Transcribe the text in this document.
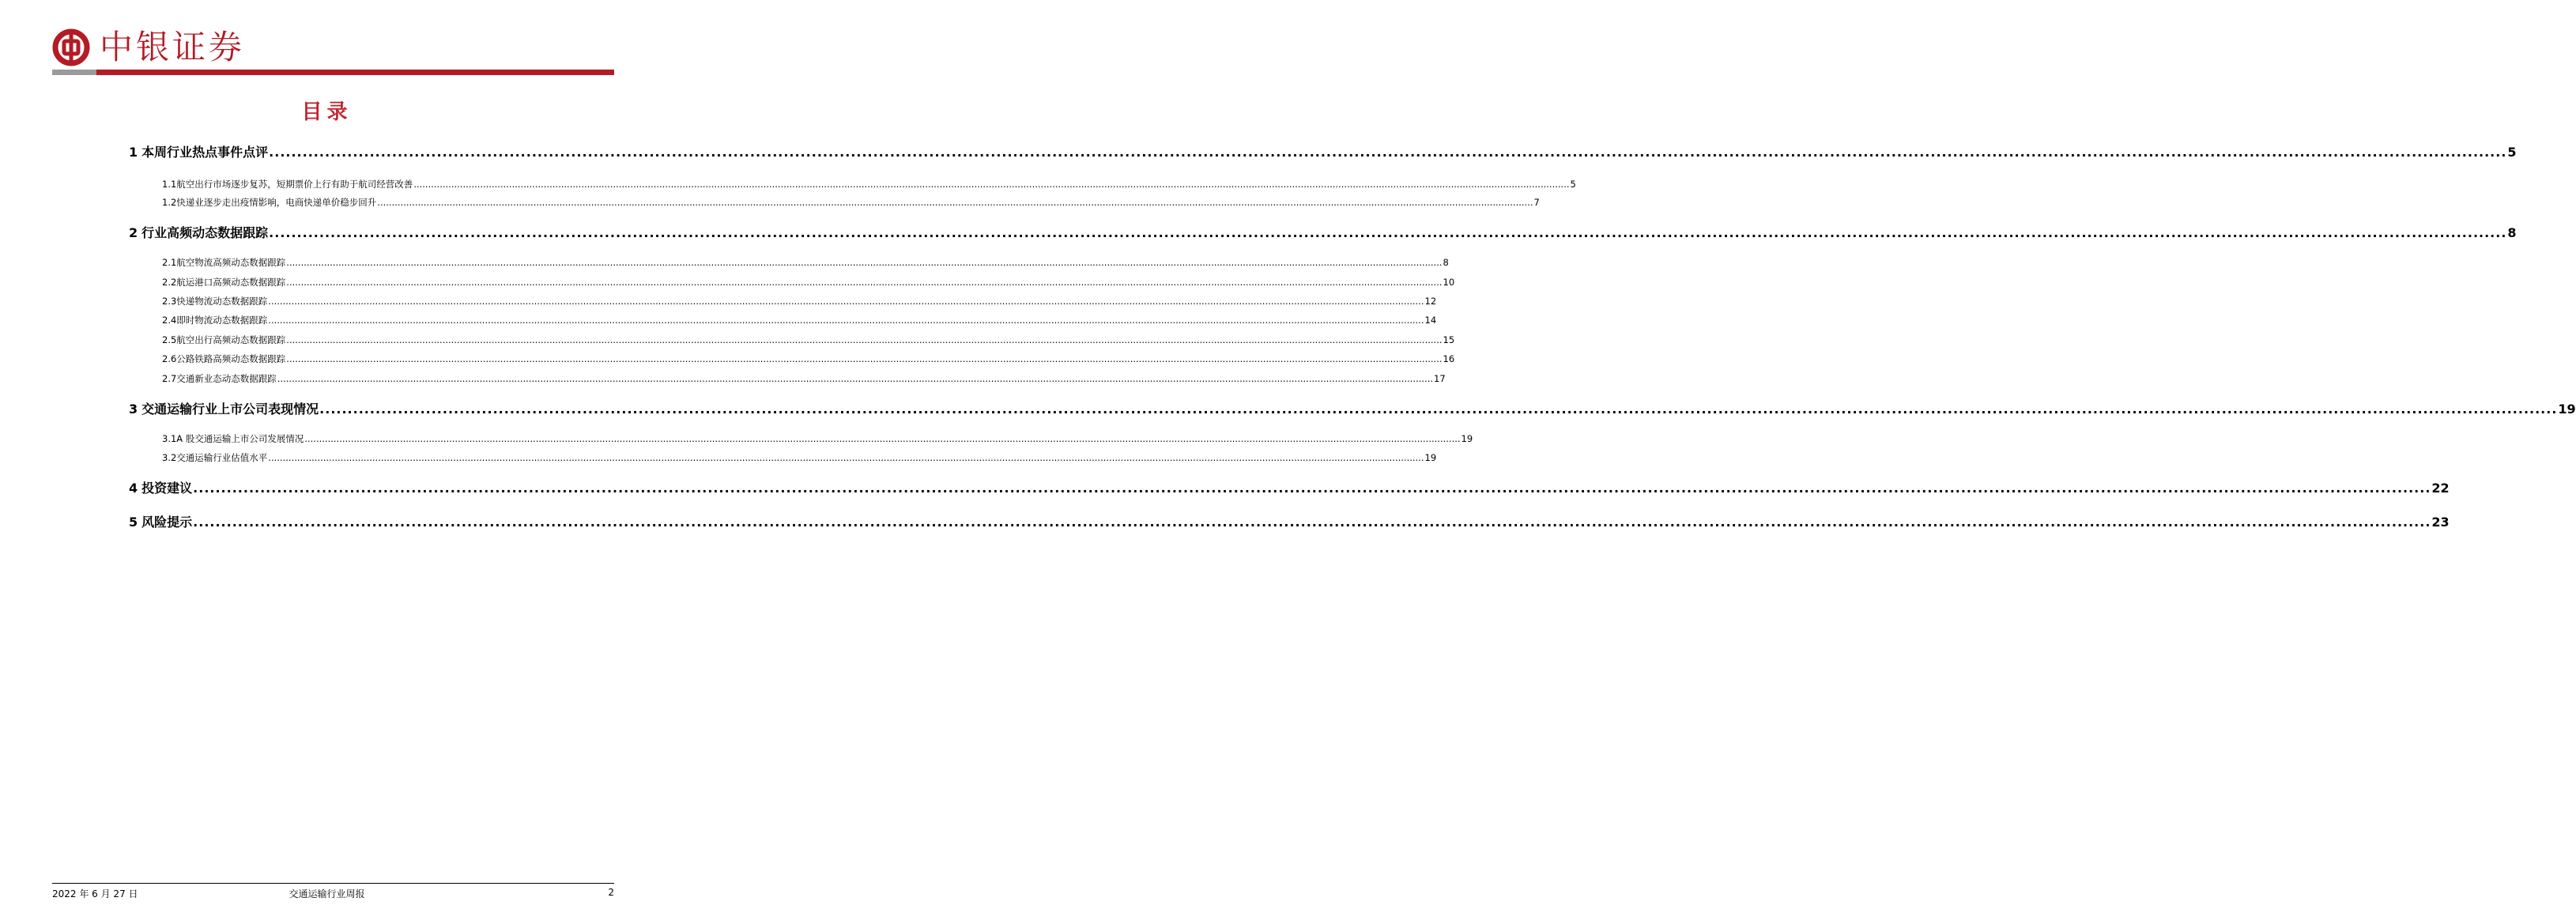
中银证券
目录
1 本周行业热点事件点评 ................................................................................................................................................................................................................................................................................................................................................................................................................ 5
1.1 航空出行市场逐步复苏，短期票价上行有助于航司经营改善 ................................................................................................................................................................................................................................................................................................................................................................................................................ 5
1.2 快递业逐步走出疫情影响，电商快递单价稳步回升 ................................................................................................................................................................................................................................................................................................................................................................................................................ 7
2 行业高频动态数据跟踪 ................................................................................................................................................................................................................................................................................................................................................................................................................ 8
2.1 航空物流高频动态数据跟踪 ................................................................................................................................................................................................................................................................................................................................................................................................................ 8
2.2 航运港口高频动态数据跟踪 ................................................................................................................................................................................................................................................................................................................................................................................................................ 10
2.3 快递物流动态数据跟踪 ................................................................................................................................................................................................................................................................................................................................................................................................................ 12
2.4 即时物流动态数据跟踪 ................................................................................................................................................................................................................................................................................................................................................................................................................ 14
2.5 航空出行高频动态数据跟踪 ................................................................................................................................................................................................................................................................................................................................................................................................................ 15
2.6 公路铁路高频动态数据跟踪 ................................................................................................................................................................................................................................................................................................................................................................................................................ 16
2.7 交通新业态动态数据跟踪 ................................................................................................................................................................................................................................................................................................................................................................................................................ 17
3 交通运输行业上市公司表现情况 ................................................................................................................................................................................................................................................................................................................................................................................................................ 19
3.1 A 股交通运输上市公司发展情况 ................................................................................................................................................................................................................................................................................................................................................................................................................ 19
3.2 交通运输行业估值水平 ................................................................................................................................................................................................................................................................................................................................................................................................................ 19
4 投资建议 ................................................................................................................................................................................................................................................................................................................................................................................................................ 22
5 风险提示 ................................................................................................................................................................................................................................................................................................................................................................................................................ 23
2022 年 6 月 27 日	交通运输行业周报	2
